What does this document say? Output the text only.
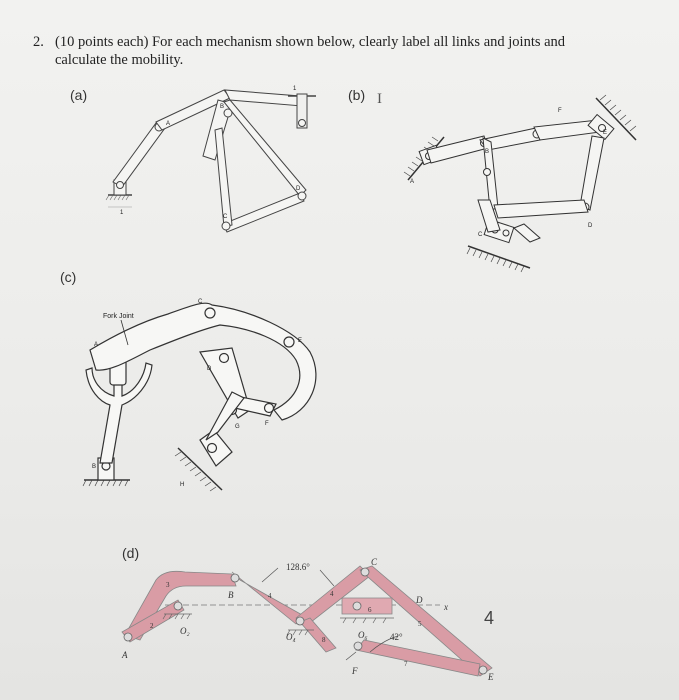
2. (10 points each) For each mechanism shown below, clearly label all links and joints and
calculate the mobility.
(a)	(b) I
(c)
(d)
4
A
B
C
D
1
1
A
B
C
D
E
F
Fork Joint
A
B
C
D
E
F
G
H
128.6°
42°
A
B
C
D
E
F
x
O₂
O₄	O₆
2
3
4	4
5
6
7
8
